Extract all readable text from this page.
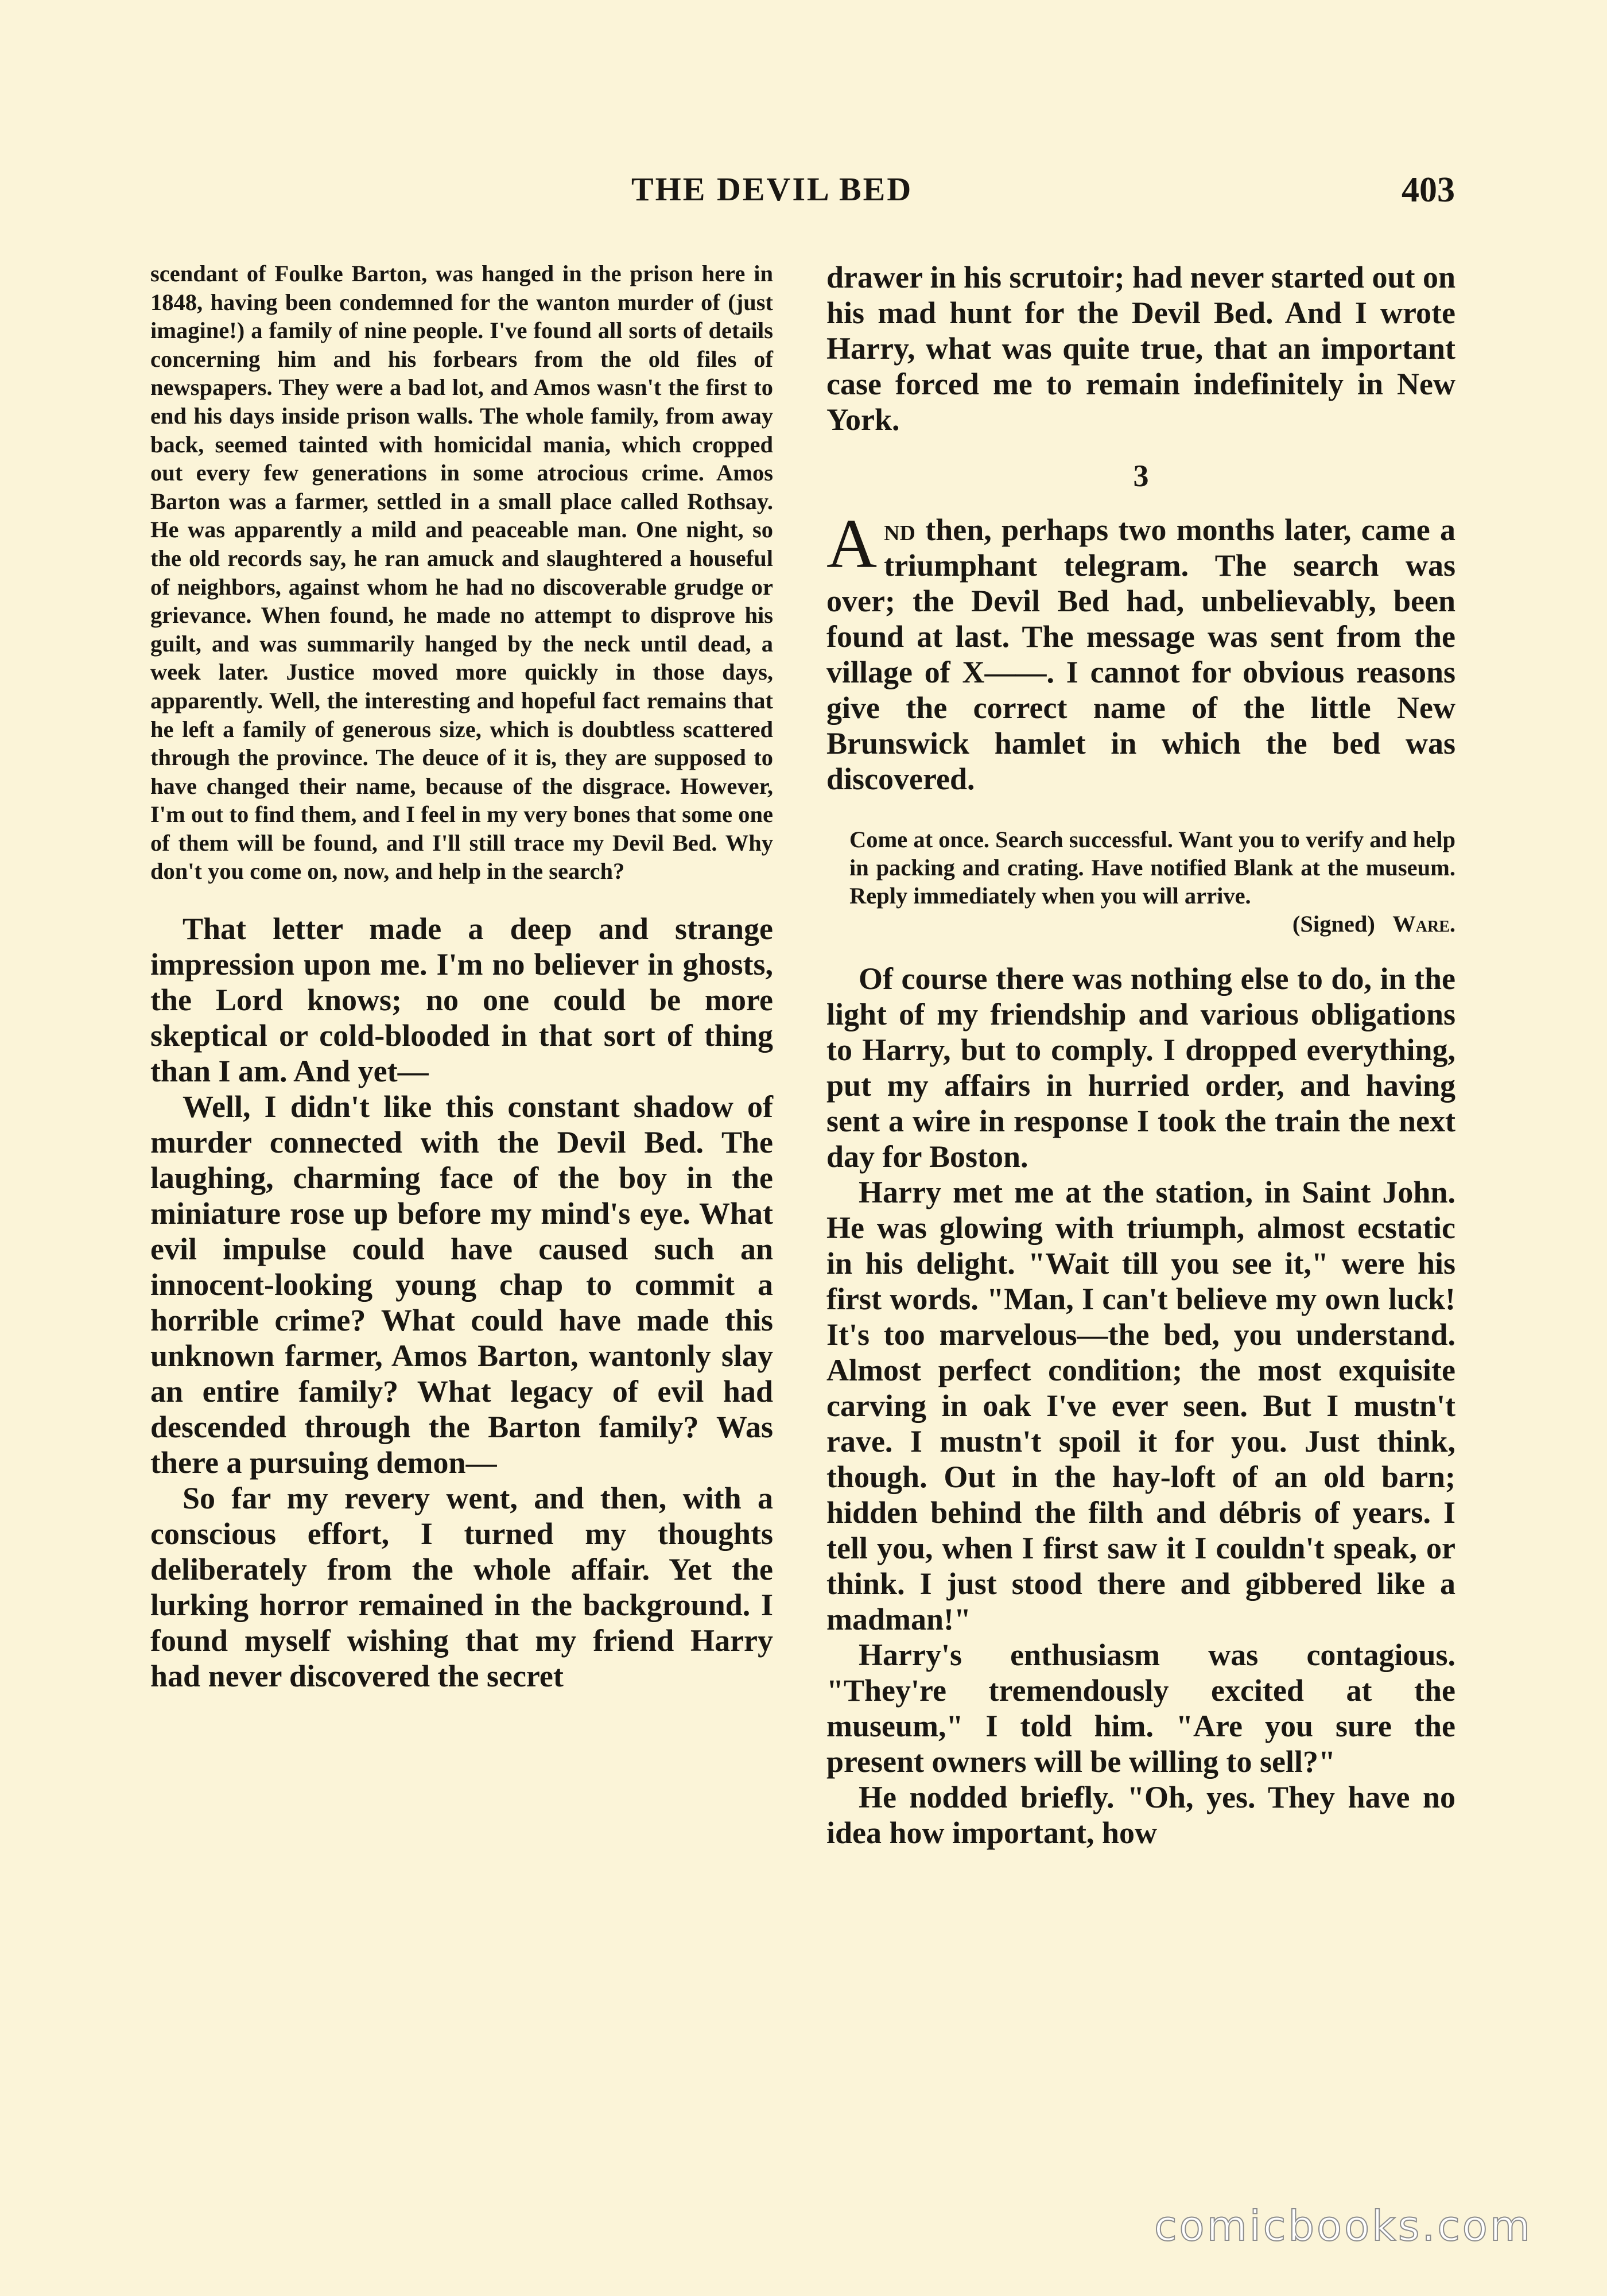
THE DEVIL BED	403

scendant of Foulke Barton, was hanged in the prison here in 1848, having been condemned for the wanton murder of (just imagine!) a family of nine people. I've found all sorts of details concerning him and his forbears from the old files of newspapers. They were a bad lot, and Amos wasn't the first to end his days inside prison walls. The whole family, from away back, seemed tainted with homicidal mania, which cropped out every few generations in some atrocious crime. Amos Barton was a farmer, settled in a small place called Rothsay. He was apparently a mild and peaceable man. One night, so the old records say, he ran amuck and slaughtered a houseful of neighbors, against whom he had no discoverable grudge or grievance. When found, he made no attempt to disprove his guilt, and was summarily hanged by the neck until dead, a week later. Justice moved more quickly in those days, apparently. Well, the interesting and hopeful fact remains that he left a family of generous size, which is doubtless scattered through the province. The deuce of it is, they are supposed to have changed their name, because of the disgrace. However, I'm out to find them, and I feel in my very bones that some one of them will be found, and I'll still trace my Devil Bed. Why don't you come on, now, and help in the search?

That letter made a deep and strange impression upon me. I'm no believer in ghosts, the Lord knows; no one could be more skeptical or cold-blooded in that sort of thing than I am. And yet—

Well, I didn't like this constant shadow of murder connected with the Devil Bed. The laughing, charming face of the boy in the miniature rose up before my mind's eye. What evil impulse could have caused such an innocent-looking young chap to commit a horrible crime? What could have made this unknown farmer, Amos Barton, wantonly slay an entire family? What legacy of evil had descended through the Barton family? Was there a pursuing demon—

So far my revery went, and then, with a conscious effort, I turned my thoughts deliberately from the whole affair. Yet the lurking horror remained in the background. I found myself wishing that my friend Harry had never discovered the secret

drawer in his scrutoir; had never started out on his mad hunt for the Devil Bed. And I wrote Harry, what was quite true, that an important case forced me to remain indefinitely in New York.

3

And then, perhaps two months later, came a triumphant telegram. The search was over; the Devil Bed had, unbelievably, been found at last. The message was sent from the village of X——. I cannot for obvious reasons give the correct name of the little New Brunswick hamlet in which the bed was discovered.

Come at once. Search successful. Want you to verify and help in packing and crating. Have notified Blank at the museum. Reply immediately when you will arrive.
(Signed) Ware.

Of course there was nothing else to do, in the light of my friendship and various obligations to Harry, but to comply. I dropped everything, put my affairs in hurried order, and having sent a wire in response I took the train the next day for Boston.

Harry met me at the station, in Saint John. He was glowing with triumph, almost ecstatic in his delight. "Wait till you see it," were his first words. "Man, I can't believe my own luck! It's too marvelous—the bed, you understand. Almost perfect condition; the most exquisite carving in oak I've ever seen. But I mustn't rave. I mustn't spoil it for you. Just think, though. Out in the hay-loft of an old barn; hidden behind the filth and débris of years. I tell you, when I first saw it I couldn't speak, or think. I just stood there and gibbered like a madman!"

Harry's enthusiasm was contagious. "They're tremendously excited at the museum," I told him. "Are you sure the present owners will be willing to sell?"

He nodded briefly. "Oh, yes. They have no idea how important, how

comicbooks.com
